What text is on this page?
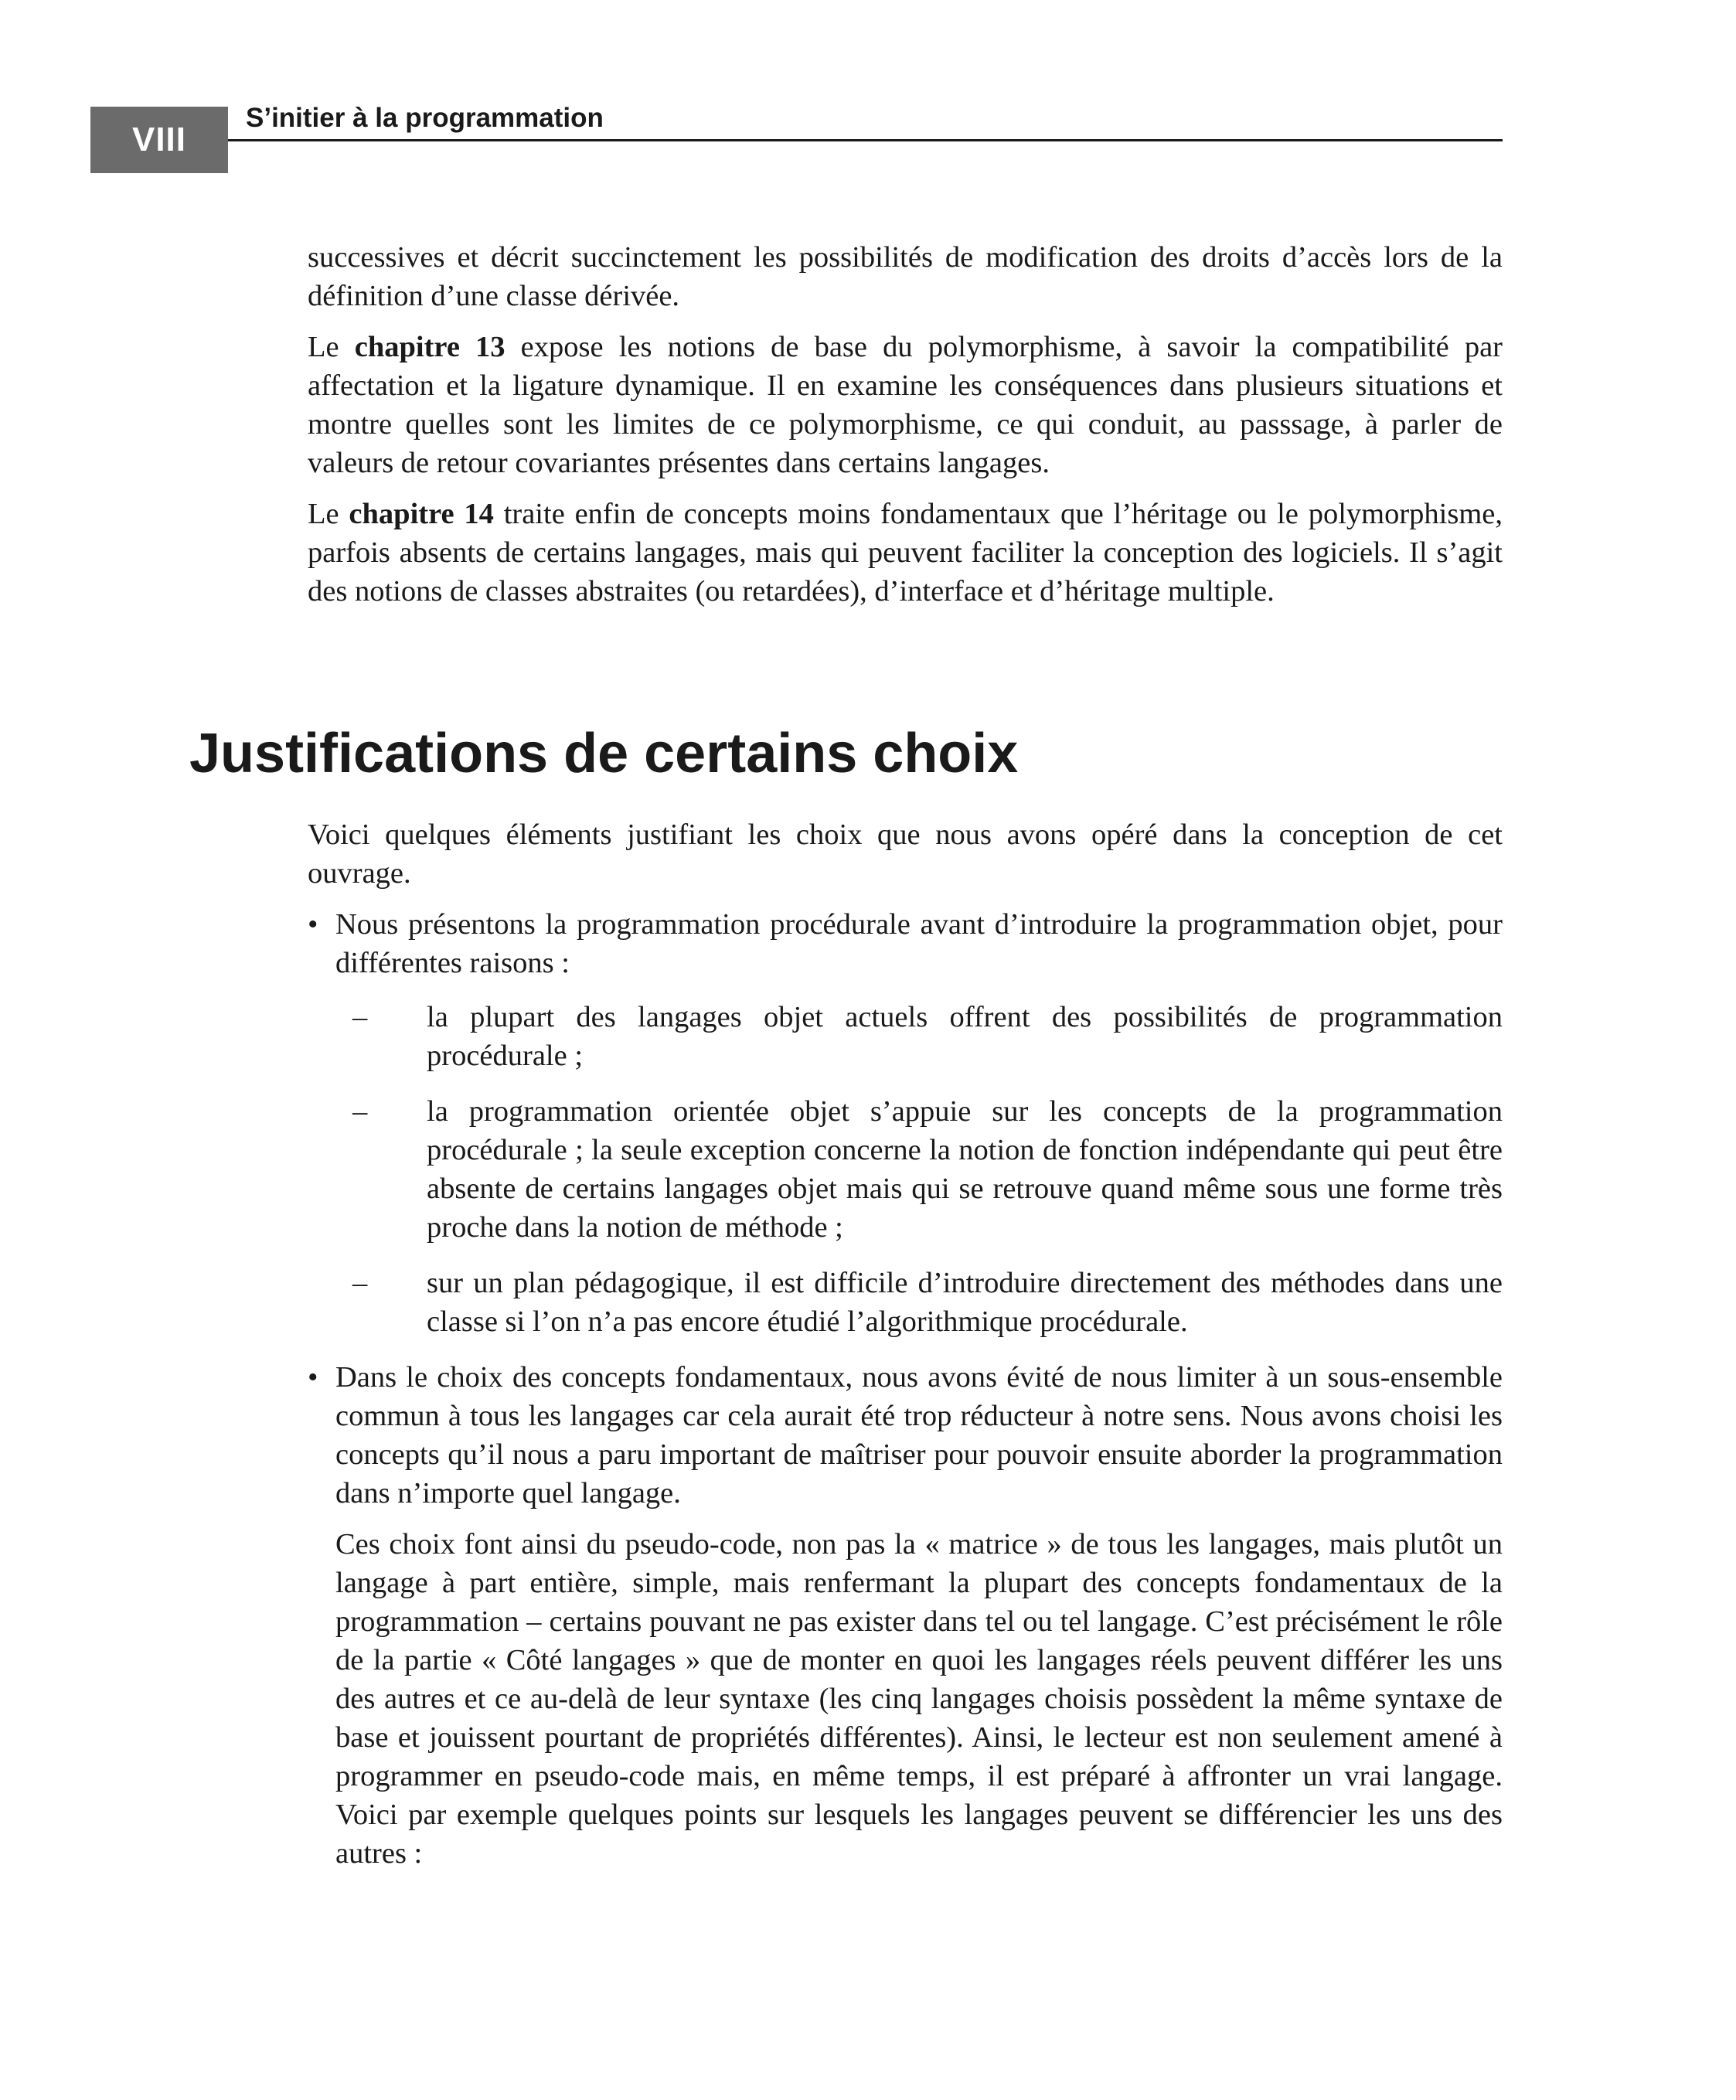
VIII
S’initier à la programmation

successives et décrit succinctement les possibilités de modification des droits d’accès lors de la définition d’une classe dérivée.

Le chapitre 13 expose les notions de base du polymorphisme, à savoir la compatibilité par affectation et la ligature dynamique. Il en examine les conséquences dans plusieurs situations et montre quelles sont les limites de ce polymorphisme, ce qui conduit, au passsage, à parler de valeurs de retour covariantes présentes dans certains langages.

Le chapitre 14 traite enfin de concepts moins fondamentaux que l’héritage ou le polymorphisme, parfois absents de certains langages, mais qui peuvent faciliter la conception des logiciels. Il s’agit des notions de classes abstraites (ou retardées), d’interface et d’héritage multiple.

Justifications de certains choix

Voici quelques éléments justifiant les choix que nous avons opéré dans la conception de cet ouvrage.

• Nous présentons la programmation procédurale avant d’introduire la programmation objet, pour différentes raisons :

– la plupart des langages objet actuels offrent des possibilités de programmation procédurale ;
– la programmation orientée objet s’appuie sur les concepts de la programmation procédurale ; la seule exception concerne la notion de fonction indépendante qui peut être absente de certains langages objet mais qui se retrouve quand même sous une forme très proche dans la notion de méthode ;
– sur un plan pédagogique, il est difficile d’introduire directement des méthodes dans une classe si l’on n’a pas encore étudié l’algorithmique procédurale.
• Dans le choix des concepts fondamentaux, nous avons évité de nous limiter à un sous-ensemble commun à tous les langages car cela aurait été trop réducteur à notre sens. Nous avons choisi les concepts qu’il nous a paru important de maîtriser pour pouvoir ensuite aborder la programmation dans n’importe quel langage.

Ces choix font ainsi du pseudo-code, non pas la « matrice » de tous les langages, mais plutôt un langage à part entière, simple, mais renfermant la plupart des concepts fondamentaux de la programmation – certains pouvant ne pas exister dans tel ou tel langage. C’est précisément le rôle de la partie « Côté langages » que de monter en quoi les langages réels peuvent différer les uns des autres et ce au-delà de leur syntaxe (les cinq langages choisis possèdent la même syntaxe de base et jouissent pourtant de propriétés différentes). Ainsi, le lecteur est non seulement amené à programmer en pseudo-code mais, en même temps, il est préparé à affronter un vrai langage. Voici par exemple quelques points sur lesquels les langages peuvent se différencier les uns des autres :
